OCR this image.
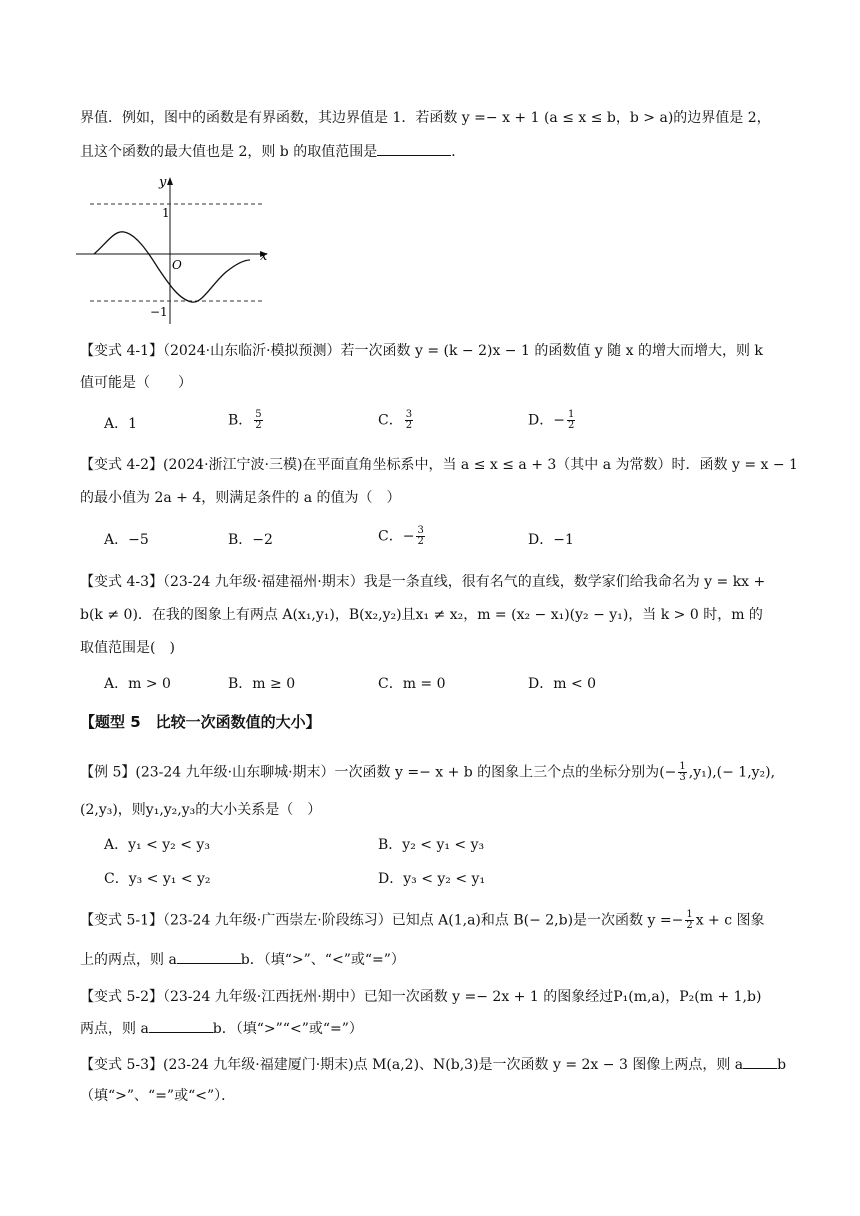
界值．例如，图中的函数是有界函数，其边界值是 1．若函数 y =− x + 1 (a ≤ x ≤ b，b > a)的边界值是 2，
且这个函数的最大值也是 2，则 b 的取值范围是	．
y
x
O
1
−1
【变式 4-1】（2024·山东临沂·模拟预测）若一次函数 y = (k − 2)x − 1 的函数值 y 随 x 的增大而增大，则 k
值可能是（　　）
A．1	B． $\frac{5}{2}$	C． $\frac{3}{2}$	D．− $\frac{1}{2}$
【变式 4-2】(2024·浙江宁波·三模)在平面直角坐标系中，当 a ≤ x ≤ a + 3（其中 a 为常数）时．函数 y = x − 1
的最小值为 2a + 4，则满足条件的 a 的值为（　）
A．−5	B．−2	C．− $\frac{3}{2}$	D．−1
【变式 4-3】（23-24 九年级·福建福州·期末）我是一条直线，很有名气的直线，数学家们给我命名为 y = kx +
b(k ≠ 0)．在我的图象上有两点 A(x₁,y₁)，B(x₂,y₂)且x₁ ≠ x₂，m = (x₂ − x₁)(y₂ − y₁)，当 k > 0 时，m 的
取值范围是(　)
A．m > 0	B．m ≥ 0	C．m = 0	D．m < 0
【题型 5　比较一次函数值的大小】
【例 5】(23-24 九年级·山东聊城·期末）一次函数 y =− x + b 的图象上三个点的坐标分别为(− $\frac{1}{3} ,y_1),(- 1,y_2)$,
(2,y₃)，则y₁,y₂,y₃的大小关系是（　）
A．y₁ < y₂ < y₃	B．y₂ < y₁ < y₃
C．y₃ < y₁ < y₂	D．y₃ < y₂ < y₁
【变式 5-1】（23-24 九年级·广西崇左·阶段练习）已知点 A(1,a)和点 B(− 2,b)是一次函数 $y =- \frac{1}{2}$ x + c 图象
上的两点，则 a	b．（填“>”、“<”或“=”）
【变式 5-2】（23-24 九年级·江西抚州·期中）已知一次函数 y =− 2x + 1 的图象经过P₁(m,a)，P₂(m + 1,b)
两点，则 a	b．（填“>”“<”或“=”）
【变式 5-3】(23-24 九年级·福建厦门·期末)点 M(a,2)、N(b,3)是一次函数 y = 2x − 3 图像上两点，则 a b
（填“>”、“=”或“<”）．
